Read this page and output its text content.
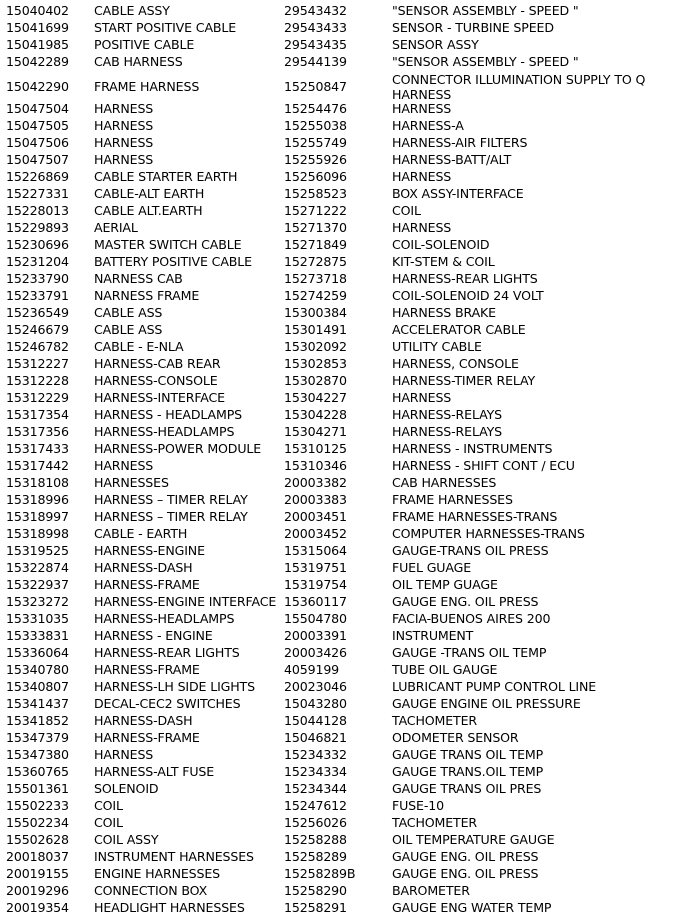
15040402 CABLE ASSY	29543432	"SENSOR ASSEMBLY - SPEED "
15041699 START POSITIVE CABLE	29543433	SENSOR - TURBINE SPEED
15041985 POSITIVE CABLE	29543435	SENSOR ASSY
15042289 CAB HARNESS	29544139	"SENSOR ASSEMBLY - SPEED "
15042290 FRAME HARNESS	15250847	CONNECTOR ILLUMINATION SUPPLY TO Q HARNESS
15047504 HARNESS	15254476	HARNESS
15047505 HARNESS	15255038	HARNESS-A
15047506 HARNESS	15255749	HARNESS-AIR FILTERS
15047507 HARNESS	15255926	HARNESS-BATT/ALT
15226869 CABLE STARTER EARTH	15256096	HARNESS
15227331 CABLE-ALT EARTH	15258523	BOX ASSY-INTERFACE
15228013 CABLE ALT.EARTH	15271222	COIL
15229893 AERIAL	15271370	HARNESS
15230696 MASTER SWITCH CABLE	15271849	COIL-SOLENOID
15231204 BATTERY POSITIVE CABLE	15272875	KIT-STEM & COIL
15233790 NARNESS CAB	15273718	HARNESS-REAR LIGHTS
15233791 NARNESS FRAME	15274259	COIL-SOLENOID 24 VOLT
15236549 CABLE ASS	15300384	HARNESS BRAKE
15246679 CABLE ASS	15301491	ACCELERATOR CABLE
15246782 CABLE - E-NLA	15302092	UTILITY CABLE
15312227 HARNESS-CAB REAR	15302853	HARNESS, CONSOLE
15312228 HARNESS-CONSOLE	15302870	HARNESS-TIMER RELAY
15312229 HARNESS-INTERFACE	15304227	HARNESS
15317354 HARNESS - HEADLAMPS	15304228	HARNESS-RELAYS
15317356 HARNESS-HEADLAMPS	15304271	HARNESS-RELAYS
15317433 HARNESS-POWER MODULE 15310125	HARNESS - INSTRUMENTS
15317442 HARNESS	15310346	HARNESS - SHIFT CONT / ECU
15318108 HARNESSES	20003382	CAB HARNESSES
15318996 HARNESS – TIMER RELAY	20003383	FRAME HARNESSES
15318997 HARNESS – TIMER RELAY	20003451	FRAME HARNESSES-TRANS
15318998 CABLE - EARTH	20003452	COMPUTER HARNESSES-TRANS
15319525 HARNESS-ENGINE	15315064	GAUGE-TRANS OIL PRESS
15322874 HARNESS-DASH	15319751	FUEL GUAGE
15322937 HARNESS-FRAME	15319754	OIL TEMP GUAGE
15323272 HARNESS-ENGINE INTERFACE 15360117	GAUGE ENG. OIL PRESS
15331035 HARNESS-HEADLAMPS	15504780	FACIA-BUENOS AIRES 200
15333831 HARNESS - ENGINE	20003391	INSTRUMENT
15336064 HARNESS-REAR LIGHTS	20003426	GAUGE -TRANS OIL TEMP
15340780 HARNESS-FRAME	4059199	TUBE OIL GAUGE
15340807 HARNESS-LH SIDE LIGHTS 20023046	LUBRICANT PUMP CONTROL LINE
15341437 DECAL-CEC2 SWITCHES	15043280	GAUGE ENGINE OIL PRESSURE
15341852 HARNESS-DASH	15044128	TACHOMETER
15347379 HARNESS-FRAME	15046821	ODOMETER SENSOR
15347380 HARNESS	15234332	GAUGE TRANS OIL TEMP
15360765 HARNESS-ALT FUSE	15234334	GAUGE TRANS.OIL TEMP
15501361 SOLENOID	15234344	GAUGE TRANS OIL PRES
15502233 COIL	15247612	FUSE-10
15502234 COIL	15256026	TACHOMETER
15502628 COIL ASSY	15258288	OIL TEMPERATURE GAUGE
20018037 INSTRUMENT HARNESSES 15258289	GAUGE ENG. OIL PRESS
20019155 ENGINE HARNESSES	15258289B	GAUGE ENG. OIL PRESS
20019296 CONNECTION BOX	15258290	BAROMETER
20019354 HEADLIGHT HARNESSES	15258291	GAUGE ENG WATER TEMP
